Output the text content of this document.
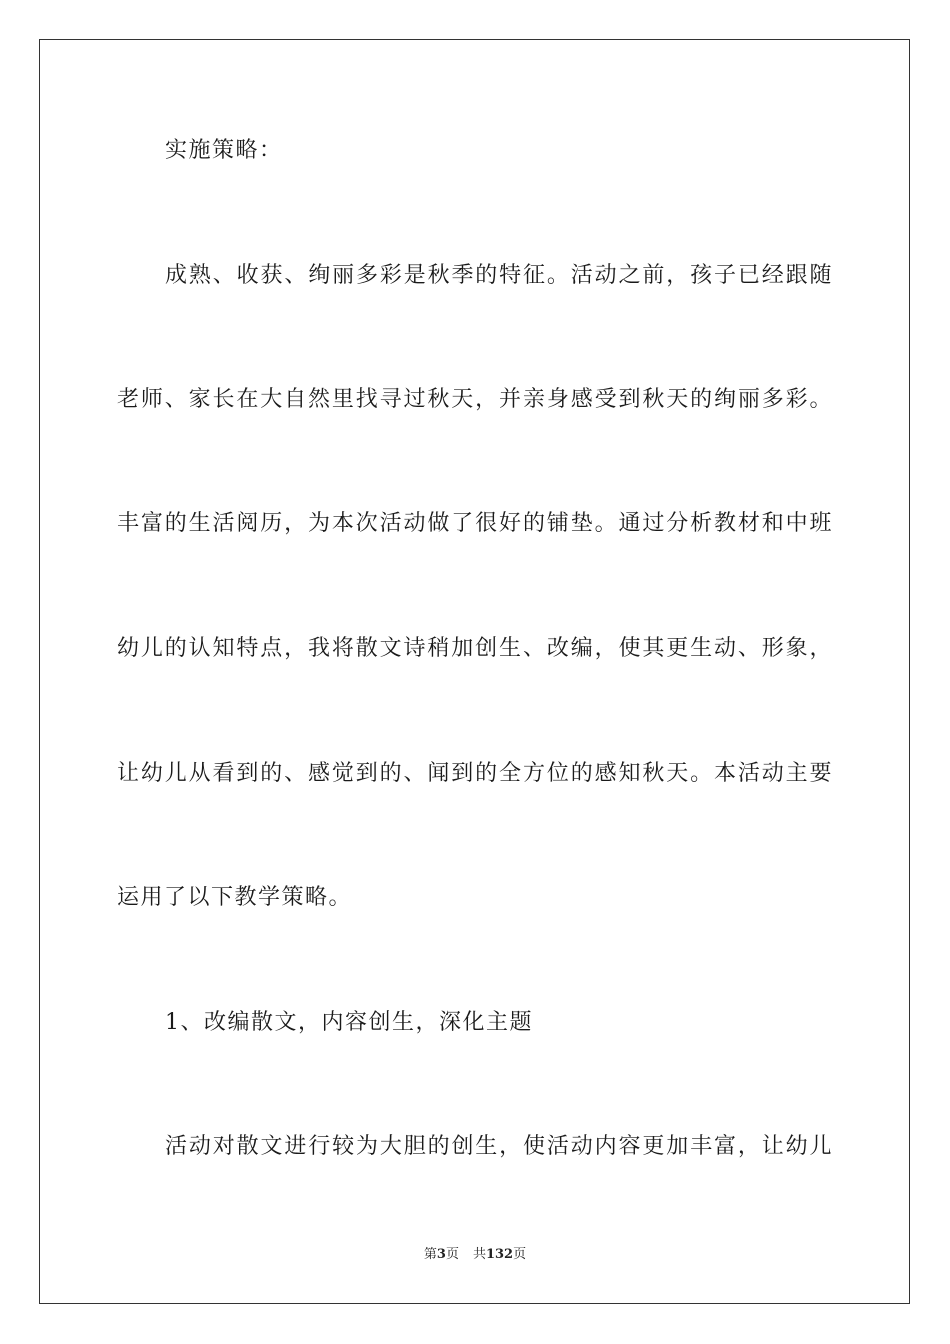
实施策略：
成熟、收获、绚丽多彩是秋季的特征。活动之前，孩子已经跟随
老师、家长在大自然里找寻过秋天，并亲身感受到秋天的绚丽多彩。
丰富的生活阅历，为本次活动做了很好的铺垫。通过分析教材和中班
幼儿的认知特点，我将散文诗稍加创生、改编，使其更生动、形象，
让幼儿从看到的、感觉到的、闻到的全方位的感知秋天。本活动主要
运用了以下教学策略。
1、改编散文，内容创生，深化主题
活动对散文进行较为大胆的创生，使活动内容更加丰富，让幼儿
第3页 共132页
